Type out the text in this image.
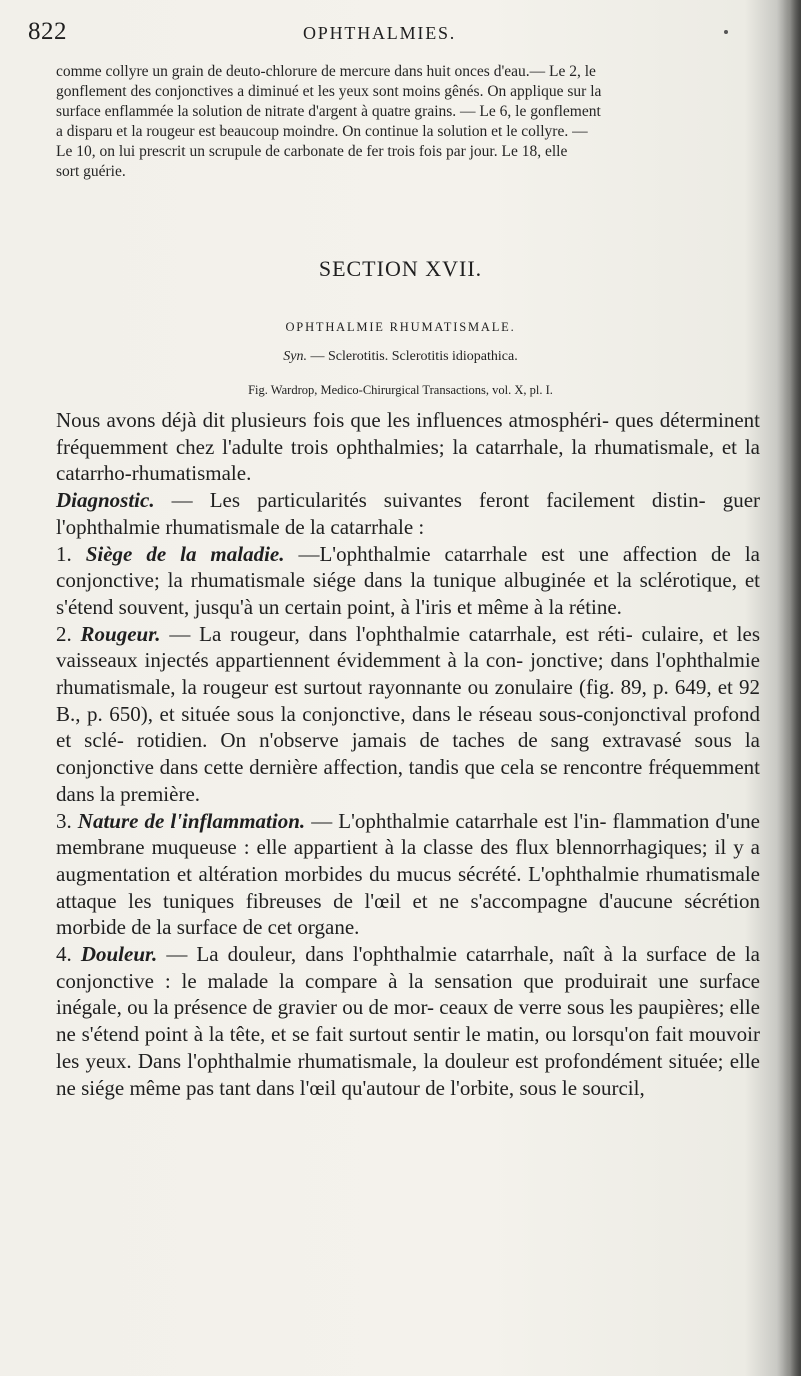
822	OPHTHALMIES.
comme collyre un grain de deuto-chlorure de mercure dans huit onces d'eau.— Le 2, le
gonflement des conjonctives a diminué et les yeux sont moins gênés. On applique sur la
surface enflammée la solution de nitrate d'argent à quatre grains. — Le 6, le gonflement
a disparu et la rougeur est beaucoup moindre. On continue la solution et le collyre. —
Le 10, on lui prescrit un scrupule de carbonate de fer trois fois par jour. Le 18, elle
sort guérie.
SECTION XVII.
OPHTHALMIE RHUMATISMALE.
Syn. — Sclerotitis. Sclerotitis idiopathica.
Fig. Wardrop, Medico-Chirurgical Transactions, vol. X, pl. I.

Nous avons déjà dit plusieurs fois que les influences atmosphéri- ques déterminent fréquemment chez l'adulte trois ophthalmies; la catarrhale, la rhumatismale, et la catarrho-rhumatismale.

Diagnostic. — Les particularités suivantes feront facilement distin- guer l'ophthalmie rhumatismale de la catarrhale :

1. Siège de la maladie. —L'ophthalmie catarrhale est une affection de la conjonctive; la rhumatismale siége dans la tunique albuginée et la sclérotique, et s'étend souvent, jusqu'à un certain point, à l'iris et même à la rétine.

2. Rougeur. — La rougeur, dans l'ophthalmie catarrhale, est réti- culaire, et les vaisseaux injectés appartiennent évidemment à la con- jonctive; dans l'ophthalmie rhumatismale, la rougeur est surtout rayonnante ou zonulaire (fig. 89, p. 649, et 92 B., p. 650), et située sous la conjonctive, dans le réseau sous-conjonctival profond et sclé- rotidien. On n'observe jamais de taches de sang extravasé sous la conjonctive dans cette dernière affection, tandis que cela se rencontre fréquemment dans la première.

3. Nature de l'inflammation. — L'ophthalmie catarrhale est l'in- flammation d'une membrane muqueuse : elle appartient à la classe des flux blennorrhagiques; il y a augmentation et altération morbides du mucus sécrété. L'ophthalmie rhumatismale attaque les tuniques fibreuses de l'œil et ne s'accompagne d'aucune sécrétion morbide de la surface de cet organe.

4. Douleur. — La douleur, dans l'ophthalmie catarrhale, naît à la surface de la conjonctive : le malade la compare à la sensation que produirait une surface inégale, ou la présence de gravier ou de mor- ceaux de verre sous les paupières; elle ne s'étend point à la tête, et se fait surtout sentir le matin, ou lorsqu'on fait mouvoir les yeux. Dans l'ophthalmie rhumatismale, la douleur est profondément située; elle ne siége même pas tant dans l'œil qu'autour de l'orbite, sous le sourcil,
